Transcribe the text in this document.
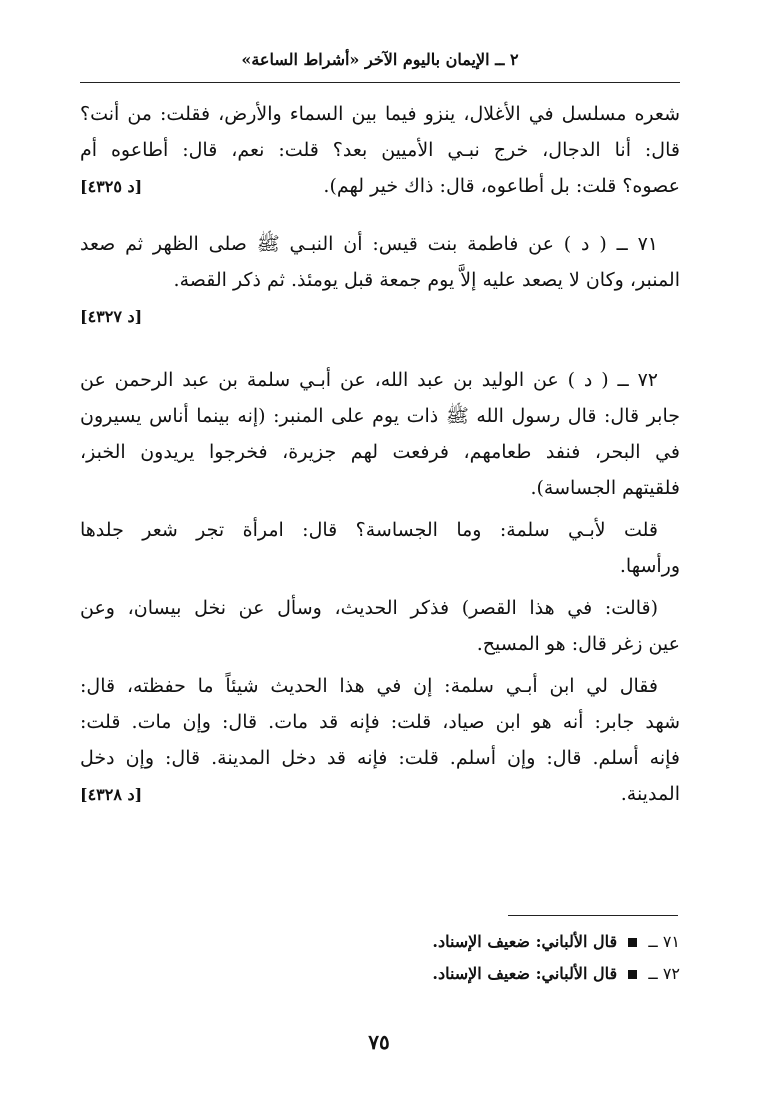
٢ ــ الإيمان باليوم الآخر «أشراط الساعة»
شعره مسلسل في الأغلال، ينزو فيما بين السماء والأرض، فقلت: من أنت؟
قال: أنا الدجال، خرج نبـي الأميين بعد؟ قلت: نعم، قال: أطاعوه أم
عصوه؟ قلت: بل أطاعوه، قال: ذاك خير لهم).
[د ٤٣٢٥]
٧١ ــ ( د ) عن فاطمة بنت قيس: أن النبـي ﷺ صلى الظهر ثم صعد
المنبر، وكان لا يصعد عليه إلاَّ يوم جمعة قبل يومئذ. ثم ذكر القصة.
[د ٤٣٢٧]
٧٢ ــ ( د ) عن الوليد بن عبد الله، عن أبـي سلمة بن عبد الرحمن عن
جابر قال: قال رسول الله ﷺ ذات يوم على المنبر: (إنه بينما أناس يسيرون
في البحر، فنفد طعامهم، فرفعت لهم جزيرة، فخرجوا يريدون الخبز،
فلقيتهم الجساسة).
قلت لأبـي سلمة: وما الجساسة؟ قال: امرأة تجر شعر جلدها
ورأسها.
(قالت: في هذا القصر) فذكر الحديث، وسأل عن نخل بيسان، وعن
عين زغر قال: هو المسيح.
فقال لي ابن أبـي سلمة: إن في هذا الحديث شيئاً ما حفظته، قال:
شهد جابر: أنه هو ابن صياد، قلت: فإنه قد مات. قال: وإن مات. قلت:
فإنه أسلم. قال: وإن أسلم. قلت: فإنه قد دخل المدينة. قال: وإن دخل
المدينة.
[د ٤٣٢٨]
٧١ ــ  قال الألباني: ضعيف الإسناد.
٧٢ ــ  قال الألباني: ضعيف الإسناد.
٧٥
